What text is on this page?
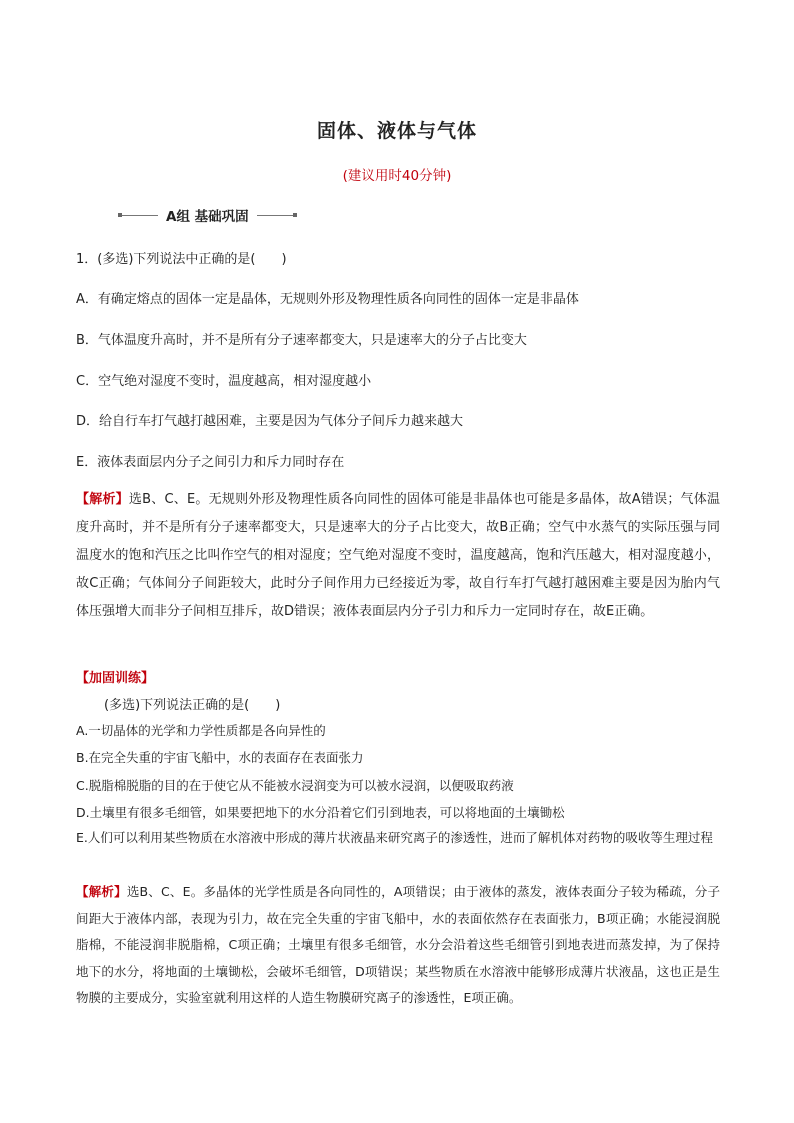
固体、液体与气体
(建议用时40分钟)
A组 基础巩固
1．(多选)下列说法中正确的是(　　)
A．有确定熔点的固体一定是晶体，无规则外形及物理性质各向同性的固体一定是非晶体
B．气体温度升高时，并不是所有分子速率都变大，只是速率大的分子占比变大
C．空气绝对湿度不变时，温度越高，相对湿度越小
D．给自行车打气越打越困难，主要是因为气体分子间斥力越来越大
E．液体表面层内分子之间引力和斥力同时存在
【解析】选B、C、E。无规则外形及物理性质各向同性的固体可能是非晶体也可能是多晶体，故A错误；气体温度升高时，并不是所有分子速率都变大，只是速率大的分子占比变大，故B正确；空气中水蒸气的实际压强与同温度水的饱和汽压之比叫作空气的相对湿度；空气绝对湿度不变时，温度越高，饱和汽压越大，相对湿度越小，故C正确；气体间分子间距较大，此时分子间作用力已经接近为零，故自行车打气越打越困难主要是因为胎内气体压强增大而非分子间相互排斥，故D错误；液体表面层内分子引力和斥力一定同时存在，故E正确。
【加固训练】
(多选)下列说法正确的是(　　)
A.一切晶体的光学和力学性质都是各向异性的
B.在完全失重的宇宙飞船中，水的表面存在表面张力
C.脱脂棉脱脂的目的在于使它从不能被水浸润变为可以被水浸润，以便吸取药液
D.土壤里有很多毛细管，如果要把地下的水分沿着它们引到地表，可以将地面的土壤锄松
E.人们可以利用某些物质在水溶液中形成的薄片状液晶来研究离子的渗透性，进而了解机体对药物的吸收等生理过程
【解析】选B、C、E。多晶体的光学性质是各向同性的，A项错误；由于液体的蒸发，液体表面分子较为稀疏，分子间距大于液体内部，表现为引力，故在完全失重的宇宙飞船中，水的表面依然存在表面张力，B项正确；水能浸润脱脂棉，不能浸润非脱脂棉，C项正确；土壤里有很多毛细管，水分会沿着这些毛细管引到地表进而蒸发掉，为了保持地下的水分，将地面的土壤锄松，会破坏毛细管，D项错误；某些物质在水溶液中能够形成薄片状液晶，这也正是生物膜的主要成分，实验室就利用这样的人造生物膜研究离子的渗透性，E项正确。
